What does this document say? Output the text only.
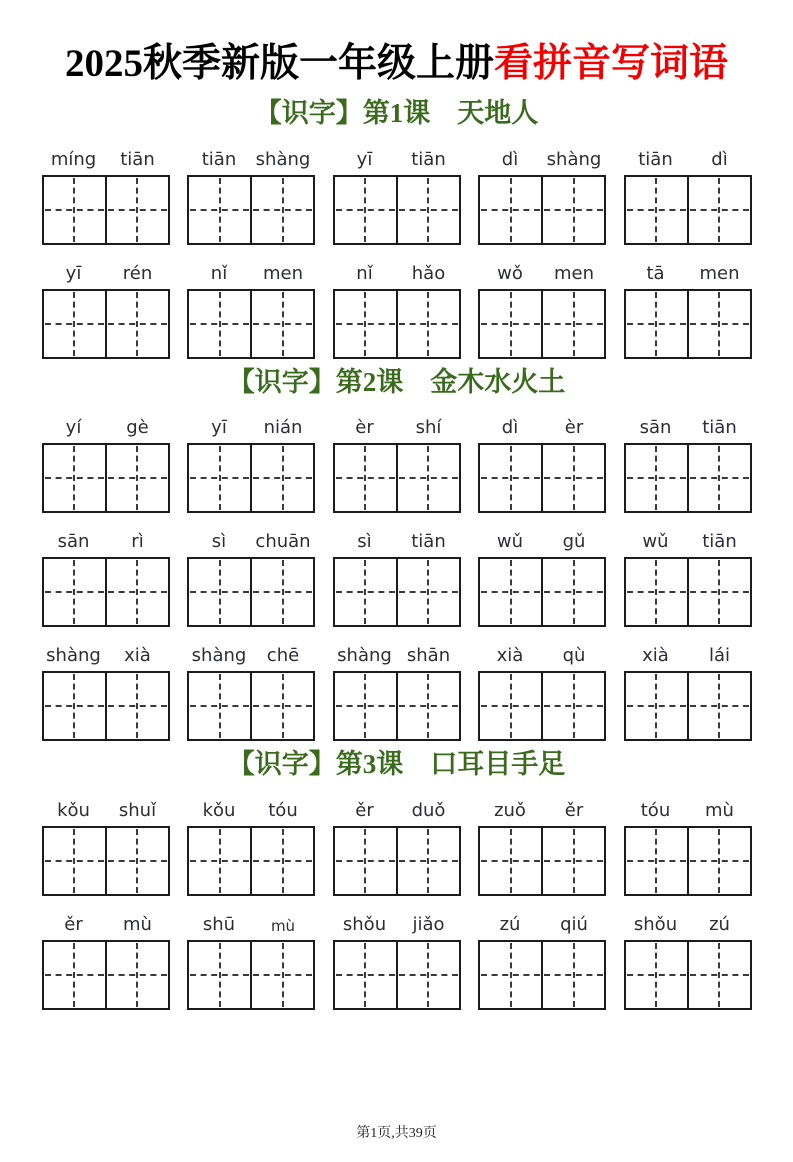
2025秋季新版一年级上册看拼音写词语
【识字】第1课　天地人
míng	tiān	tiān	shàng	yī	tiān	dì	shàng	tiān	dì
yī	rén	nǐ	men	nǐ	hǎo	wǒ	men	tā	men
【识字】第2课　金木水火土
yí	gè	yī	nián	èr	shí	dì	èr	sān	tiān
sān	rì	sì	chuān	sì	tiān	wǔ	gǔ	wǔ	tiān
shàng	xià	shàng	chē	shàng shān	xià	qù	xià	lái
【识字】第3课　口耳目手足
kǒu	shuǐ	kǒu	tóu	ěr	duǒ	zuǒ	ěr	tóu	mù
ěr	mù	shū	mù	shǒu	jiǎo	zú	qiú	shǒu	zú
第1页,共39页
